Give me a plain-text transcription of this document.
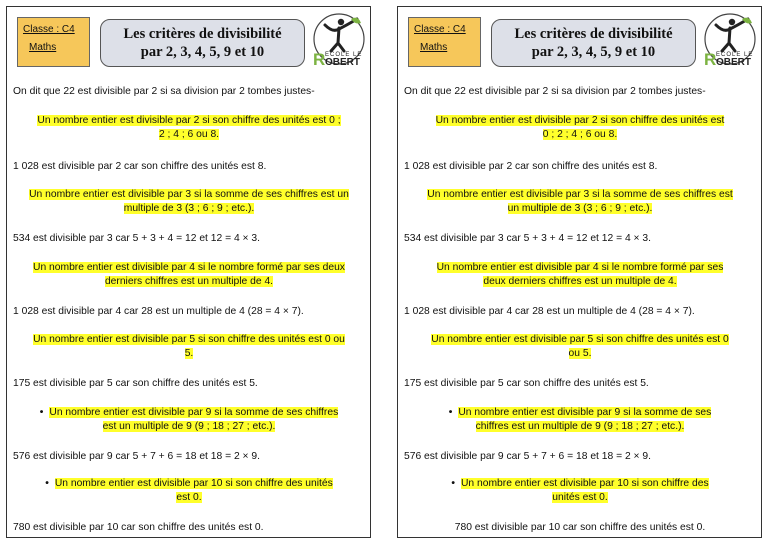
Classe : C4
Maths
Les critères de divisibilité
par 2, 3, 4, 5, 9 et 10	R ECOLE LE
OBERT
On dit que 22 est divisible par 2 si sa division par 2 tombes justes-
Un nombre entier est divisible par 2 si son chiffre des unités est 0 ;
2 ; 4 ; 6 ou 8.
1 028 est divisible par 2 car son chiffre des unités est 8.
Un nombre entier est divisible par 3 si la somme de ses chiffres est un
multiple de 3 (3 ; 6 ; 9 ; etc.).
534 est divisible par 3 car 5 + 3 + 4 = 12 et 12 = 4 × 3.
Un nombre entier est divisible par 4 si le nombre formé par ses deux
derniers chiffres est un multiple de 4.
1 028 est divisible par 4 car 28 est un multiple de 4 (28 = 4 × 7).
Un nombre entier est divisible par 5 si son chiffre des unités est 0 ou
5.
175 est divisible par 5 car son chiffre des unités est 5.
• Un nombre entier est divisible par 9 si la somme de ses chiffres
est un multiple de 9 (9 ; 18 ; 27 ; etc.).
576 est divisible par 9 car 5 + 7 + 6 = 18 et 18 = 2 × 9.
• Un nombre entier est divisible par 10 si son chiffre des unités
est 0.
780 est divisible par 10 car son chiffre des unités est 0.
Classe : C4
Maths
Les critères de divisibilité
par 2, 3, 4, 5, 9 et 10	R ECOLE LE
OBERT
On dit que 22 est divisible par 2 si sa division par 2 tombes justes-
Un nombre entier est divisible par 2 si son chiffre des unités est
0 ; 2 ; 4 ; 6 ou 8.
1 028 est divisible par 2 car son chiffre des unités est 8.
Un nombre entier est divisible par 3 si la somme de ses chiffres est
un multiple de 3 (3 ; 6 ; 9 ; etc.).
534 est divisible par 3 car 5 + 3 + 4 = 12 et 12 = 4 × 3.
Un nombre entier est divisible par 4 si le nombre formé par ses
deux derniers chiffres est un multiple de 4.
1 028 est divisible par 4 car 28 est un multiple de 4 (28 = 4 × 7).
Un nombre entier est divisible par 5 si son chiffre des unités est 0
ou 5.
175 est divisible par 5 car son chiffre des unités est 5.
• Un nombre entier est divisible par 9 si la somme de ses
chiffres est un multiple de 9 (9 ; 18 ; 27 ; etc.).
576 est divisible par 9 car 5 + 7 + 6 = 18 et 18 = 2 × 9.
• Un nombre entier est divisible par 10 si son chiffre des
unités est 0.
780 est divisible par 10 car son chiffre des unités est 0.
